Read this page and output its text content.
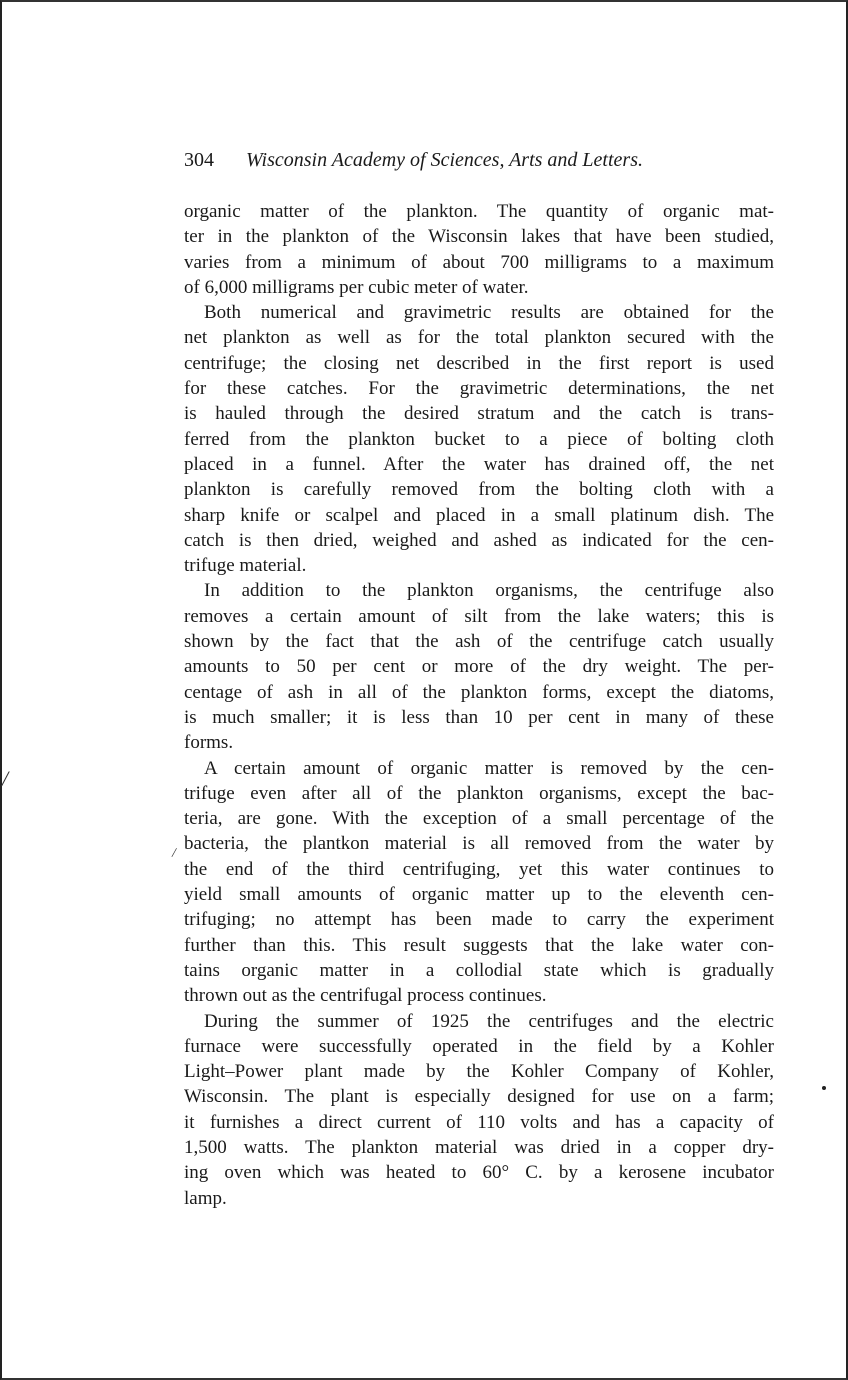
304 Wisconsin Academy of Sciences, Arts and Letters.
organic matter of the plankton. The quantity of organic mat-
ter in the plankton of the Wisconsin lakes that have been studied,
varies from a minimum of about 700 milligrams to a maximum
of 6,000 milligrams per cubic meter of water.
Both numerical and gravimetric results are obtained for the
net plankton as well as for the total plankton secured with the
centrifuge; the closing net described in the first report is used
for these catches. For the gravimetric determinations, the net
is hauled through the desired stratum and the catch is trans-
ferred from the plankton bucket to a piece of bolting cloth
placed in a funnel. After the water has drained off, the net
plankton is carefully removed from the bolting cloth with a
sharp knife or scalpel and placed in a small platinum dish. The
catch is then dried, weighed and ashed as indicated for the cen-
trifuge material.
In addition to the plankton organisms, the centrifuge also
removes a certain amount of silt from the lake waters; this is
shown by the fact that the ash of the centrifuge catch usually
amounts to 50 per cent or more of the dry weight. The per-
centage of ash in all of the plankton forms, except the diatoms,
is much smaller; it is less than 10 per cent in many of these
forms.
A certain amount of organic matter is removed by the cen-
trifuge even after all of the plankton organisms, except the bac-
teria, are gone. With the exception of a small percentage of the
bacteria, the plantkon material is all removed from the water by
the end of the third centrifuging, yet this water continues to
yield small amounts of organic matter up to the eleventh cen-
trifuging; no attempt has been made to carry the experiment
further than this. This result suggests that the lake water con-
tains organic matter in a collodial state which is gradually
thrown out as the centrifugal process continues.
During the summer of 1925 the centrifuges and the electric
furnace were successfully operated in the field by a Kohler
Light–Power plant made by the Kohler Company of Kohler,
Wisconsin. The plant is especially designed for use on a farm;
it furnishes a direct current of 110 volts and has a capacity of
1,500 watts. The plankton material was dried in a copper dry-
ing oven which was heated to 60° C. by a kerosene incubator
lamp.
/
/
